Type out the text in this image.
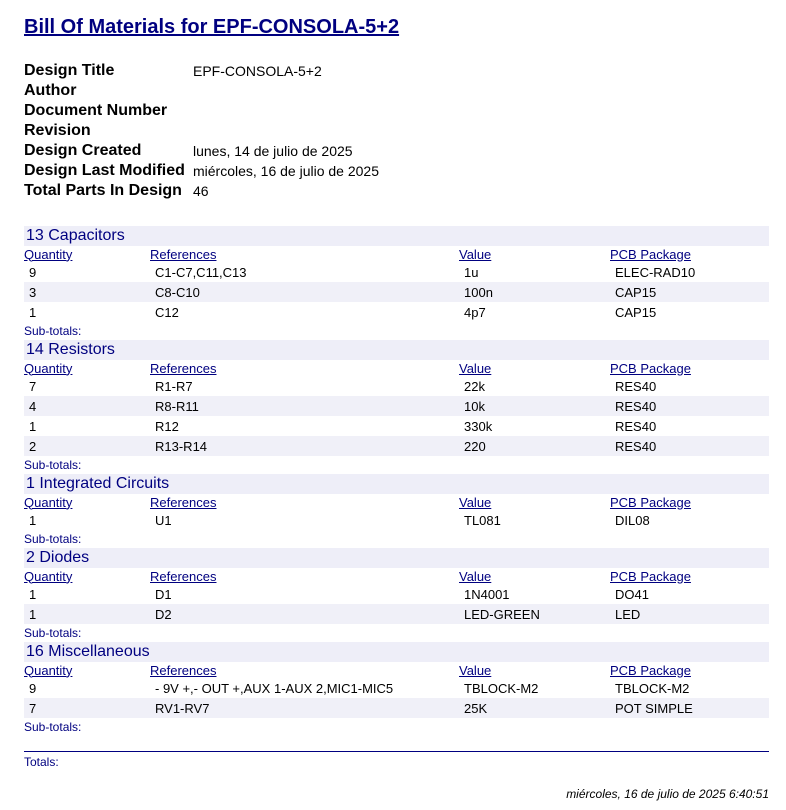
Bill Of Materials for EPF-CONSOLA-5+2
Design Title	EPF-CONSOLA-5+2
Author
Document Number
Revision
Design Created	lunes, 14 de julio de 2025
Design Last Modified miércoles, 16 de julio de 2025
Total Parts In Design 46
13 Capacitors
Quantity	References	Value	PCB Package
9	C1-C7,C11,C13	1u	ELEC-RAD10
3	C8-C10	100n	CAP15
1	C12	4p7	CAP15
Sub-totals:
14 Resistors
Quantity	References	Value	PCB Package
7	R1-R7	22k	RES40
4	R8-R11	10k	RES40
1	R12	330k	RES40
2	R13-R14	220	RES40
Sub-totals:
1 Integrated Circuits
Quantity	References	Value	PCB Package
1	U1	TL081	DIL08
Sub-totals:
2 Diodes
Quantity	References	Value	PCB Package
1	D1	1N4001	DO41
1	D2	LED-GREEN	LED
Sub-totals:
16 Miscellaneous
Quantity	References	Value	PCB Package
9	- 9V +,- OUT +,AUX 1-AUX 2,MIC1-MIC5	TBLOCK-M2	TBLOCK-M2
7	RV1-RV7	25K	POT SIMPLE
Sub-totals:
Totals:
miércoles, 16 de julio de 2025 6:40:51
